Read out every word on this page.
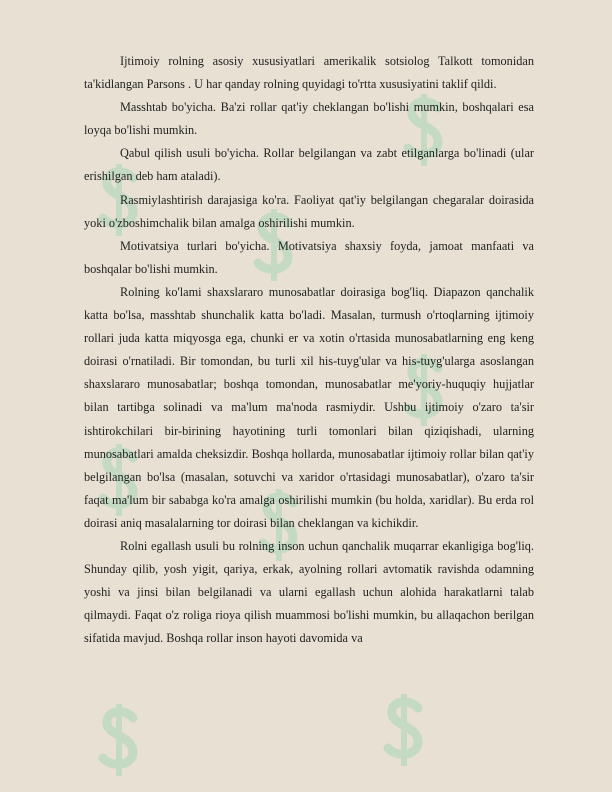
Ijtimoiy rolning asosiy xususiyatlari amerikalik sotsiolog Talkott tomonidan ta'kidlangan Parsons . U har qanday rolning quyidagi to'rtta xususiyatini taklif qildi.

Masshtab bo'yicha. Ba'zi rollar qat'iy cheklangan bo'lishi mumkin, boshqalari esa loyqa bo'lishi mumkin.

Qabul qilish usuli bo'yicha. Rollar belgilangan va zabt etilganlarga bo'linadi (ular erishilgan deb ham ataladi).

Rasmiylashtirish darajasiga ko'ra. Faoliyat qat'iy belgilangan chegaralar doirasida yoki o'zboshimchalik bilan amalga oshirilishi mumkin.

Motivatsiya turlari bo'yicha. Motivatsiya shaxsiy foyda, jamoat manfaati va boshqalar bo'lishi mumkin.

Rolning ko'lami shaxslararo munosabatlar doirasiga bog'liq. Diapazon qanchalik katta bo'lsa, masshtab shunchalik katta bo'ladi. Masalan, turmush o'rtoqlarning ijtimoiy rollari juda katta miqyosga ega, chunki er va xotin o'rtasida munosabatlarning eng keng doirasi o'rnatiladi. Bir tomondan, bu turli xil his-tuyg'ular va his-tuyg'ularga asoslangan shaxslararo munosabatlar; boshqa tomondan, munosabatlar me'yoriy-huquqiy hujjatlar bilan tartibga solinadi va ma'lum ma'noda rasmiydir. Ushbu ijtimoiy o'zaro ta'sir ishtirokchilari bir-birining hayotining turli tomonlari bilan qiziqishadi, ularning munosabatlari amalda cheksizdir. Boshqa hollarda, munosabatlar ijtimoiy rollar bilan qat'iy belgilangan bo'lsa (masalan, sotuvchi va xaridor o'rtasidagi munosabatlar), o'zaro ta'sir faqat ma'lum bir sababga ko'ra amalga oshirilishi mumkin (bu holda, xaridlar). Bu erda rol doirasi aniq masalalarning tor doirasi bilan cheklangan va kichikdir.

Rolni egallash usuli bu rolning inson uchun qanchalik muqarrar ekanligiga bog'liq. Shunday qilib, yosh yigit, qariya, erkak, ayolning rollari avtomatik ravishda odamning yoshi va jinsi bilan belgilanadi va ularni egallash uchun alohida harakatlarni talab qilmaydi. Faqat o'z roliga rioya qilish muammosi bo'lishi mumkin, bu allaqachon berilgan sifatida mavjud. Boshqa rollar inson hayoti davomida va
